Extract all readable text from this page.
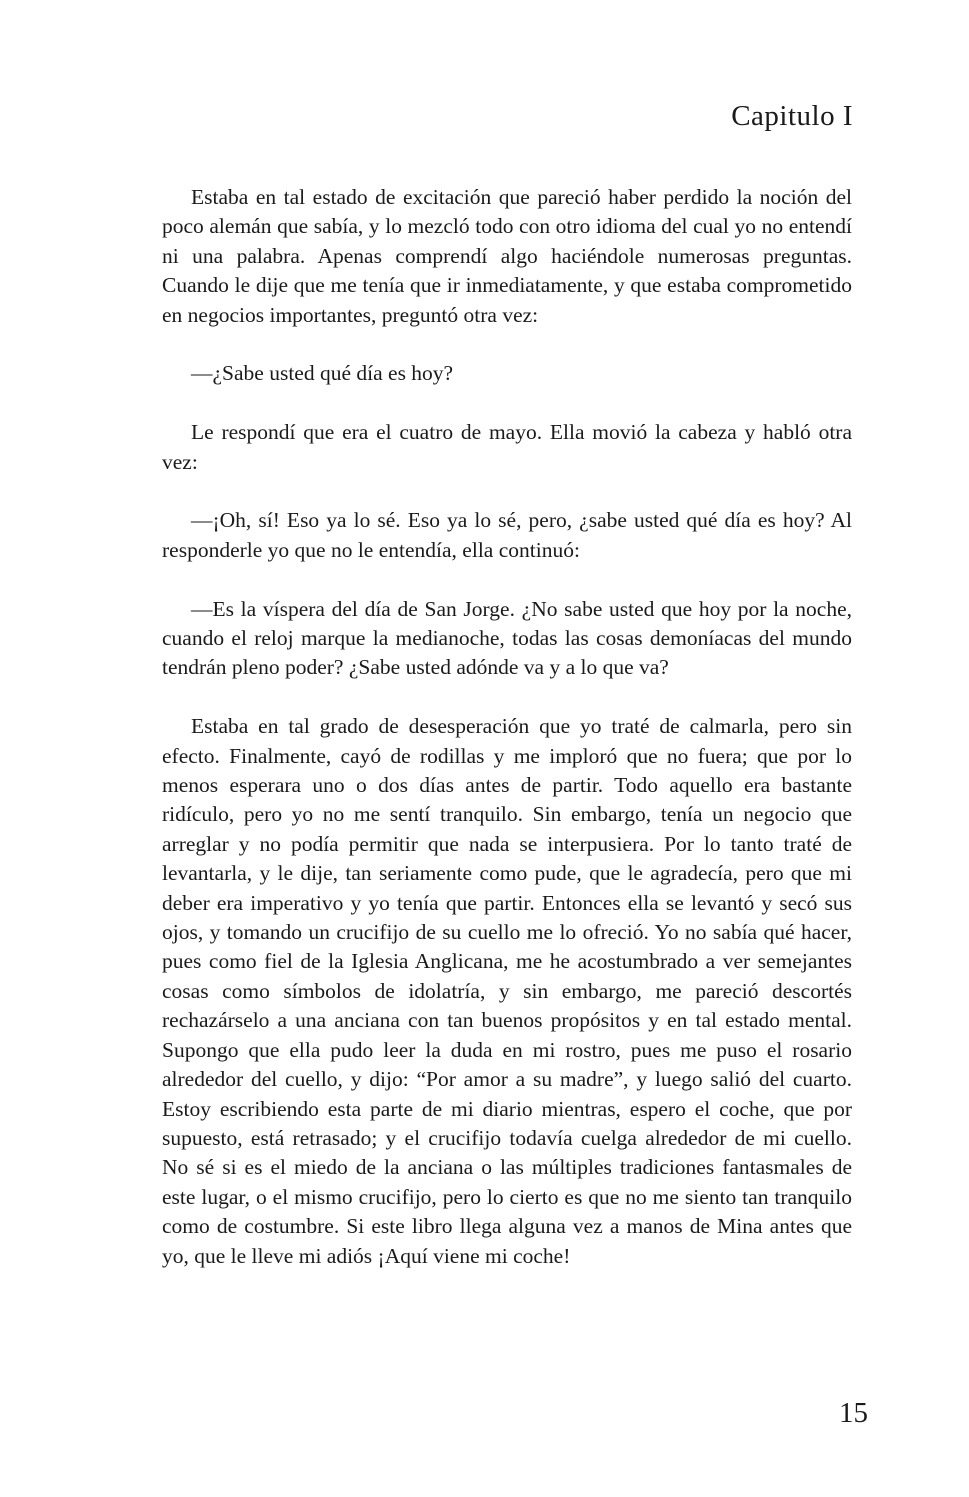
Capitulo I

Estaba en tal estado de excitación que pareció haber perdido la noción del poco alemán que sabía, y lo mezcló todo con otro idioma del cual yo no entendí ni una palabra. Apenas comprendí algo haciéndole numerosas preguntas. Cuando le dije que me tenía que ir inmediatamente, y que estaba comprometido en negocios importantes, preguntó otra vez:

—¿Sabe usted qué día es hoy?

Le respondí que era el cuatro de mayo. Ella movió la cabeza y habló otra vez:

—¡Oh, sí! Eso ya lo sé. Eso ya lo sé, pero, ¿sabe usted qué día es hoy? Al responderle yo que no le entendía, ella continuó:

—Es la víspera del día de San Jorge. ¿No sabe usted que hoy por la noche, cuando el reloj marque la medianoche, todas las cosas demoníacas del mundo tendrán pleno poder? ¿Sabe usted adónde va y a lo que va?

Estaba en tal grado de desesperación que yo traté de calmarla, pero sin efecto. Finalmente, cayó de rodillas y me imploró que no fuera; que por lo menos esperara uno o dos días antes de partir. Todo aquello era bastante ridículo, pero yo no me sentí tranquilo. Sin embargo, tenía un negocio que arreglar y no podía permitir que nada se interpusiera. Por lo tanto traté de levantarla, y le dije, tan seriamente como pude, que le agradecía, pero que mi deber era imperativo y yo tenía que partir. Entonces ella se levantó y secó sus ojos, y tomando un crucifijo de su cuello me lo ofreció. Yo no sabía qué hacer, pues como fiel de la Iglesia Anglicana, me he acostumbrado a ver semejantes cosas como símbolos de idolatría, y sin embargo, me pareció descortés rechazárselo a una anciana con tan buenos propósitos y en tal estado mental. Supongo que ella pudo leer la duda en mi rostro, pues me puso el rosario alrededor del cuello, y dijo: “Por amor a su madre”, y luego salió del cuarto. Estoy escribiendo esta parte de mi diario mientras, espero el coche, que por supuesto, está retrasado; y el crucifijo todavía cuelga alrededor de mi cuello. No sé si es el miedo de la anciana o las múltiples tradiciones fantasmales de este lugar, o el mismo crucifijo, pero lo cierto es que no me siento tan tranquilo como de costumbre. Si este libro llega alguna vez a manos de Mina antes que yo, que le lleve mi adiós ¡Aquí viene mi coche!

15
